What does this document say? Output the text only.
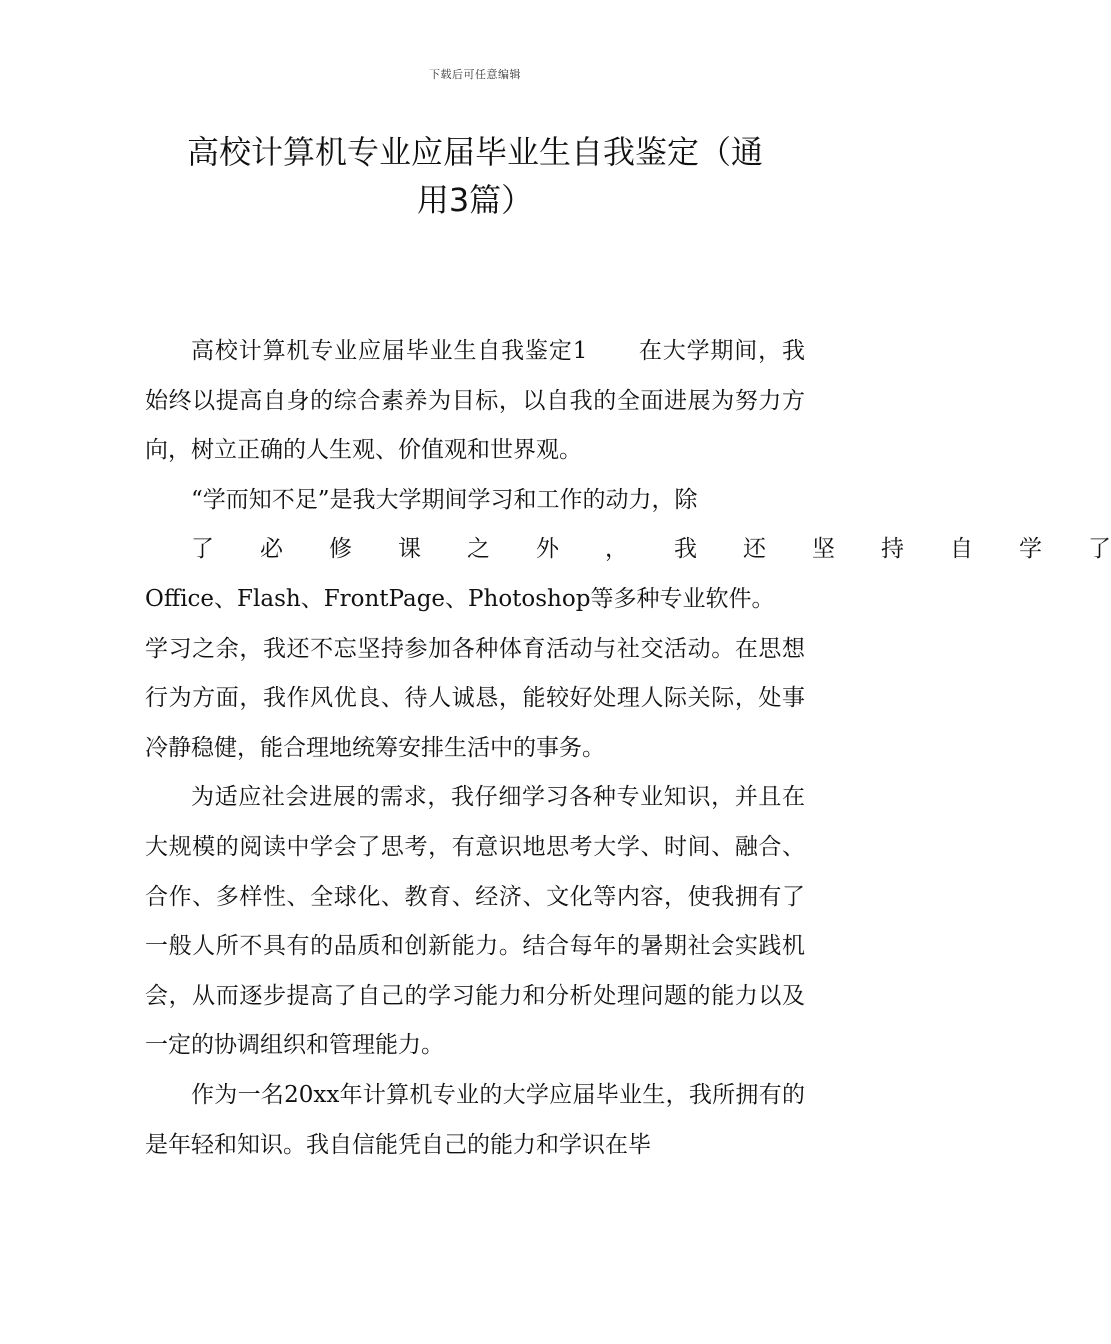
下载后可任意编辑
高校计算机专业应届毕业生自我鉴定（通
用3篇）

高校计算机专业应届毕业生自我鉴定1 在大学期间，我始终以提高自身的综合素养为目标，以自我的全面进展为努力方向，树立正确的人生观、价值观和世界观。

“学而知不足”是我大学期间学习和工作的动力，除

了	必	修	课	之	外	，	我	还	坚	持	自	学	了

Office、Flash、FrontPage、Photoshop等多种专业软件。

学习之余，我还不忘坚持参加各种体育活动与社交活动。在思想行为方面，我作风优良、待人诚恳，能较好处理人际关际，处事冷静稳健，能合理地统筹安排生活中的事务。

为适应社会进展的需求，我仔细学习各种专业知识，并且在大规模的阅读中学会了思考，有意识地思考大学、时间、融合、合作、多样性、全球化、教育、经济、文化等内容，使我拥有了一般人所不具有的品质和创新能力。结合每年的暑期社会实践机会，从而逐步提高了自己的学习能力和分析处理问题的能力以及一定的协调组织和管理能力。

作为一名20xx年计算机专业的大学应届毕业生，我所拥有的是年轻和知识。我自信能凭自己的能力和学识在毕
